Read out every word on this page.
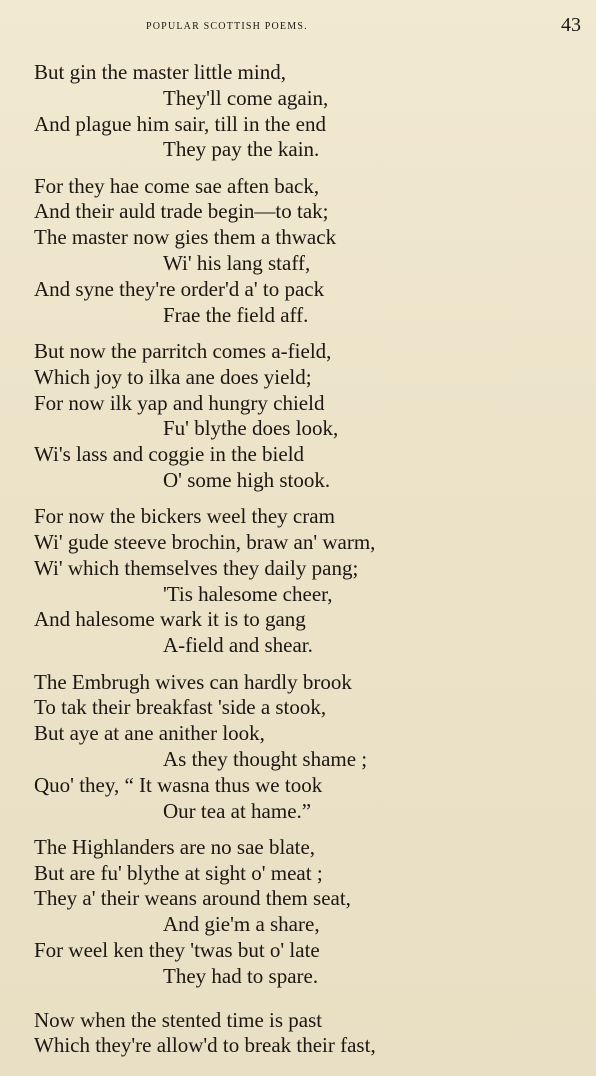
popular scottish poems.	43
But gin the master little mind,
They'll come again,
And plague him sair, till in the end
They pay the kain.
For they hae come sae aften back,
And their auld trade begin—to tak;
The master now gies them a thwack
Wi' his lang staff,
And syne they're order'd a' to pack
Frae the field aff.
But now the parritch comes a-field,
Which joy to ilka ane does yield;
For now ilk yap and hungry chield
Fu' blythe does look,
Wi's lass and coggie in the bield
O' some high stook.
For now the bickers weel they cram
Wi' gude steeve brochin, braw an' warm,
Wi' which themselves they daily pang;
'Tis halesome cheer,
And halesome wark it is to gang
A-field and shear.
The Embrugh wives can hardly brook
To tak their breakfast 'side a stook,
But aye at ane anither look,
As they thought shame ;
Quo' they, “ It wasna thus we took
Our tea at hame.”
The Highlanders are no sae blate,
But are fu' blythe at sight o' meat ;
They a' their weans around them seat,
And gie'm a share,
For weel ken they 'twas but o' late
They had to spare.
Now when the stented time is past
Which they're allow'd to break their fast,
